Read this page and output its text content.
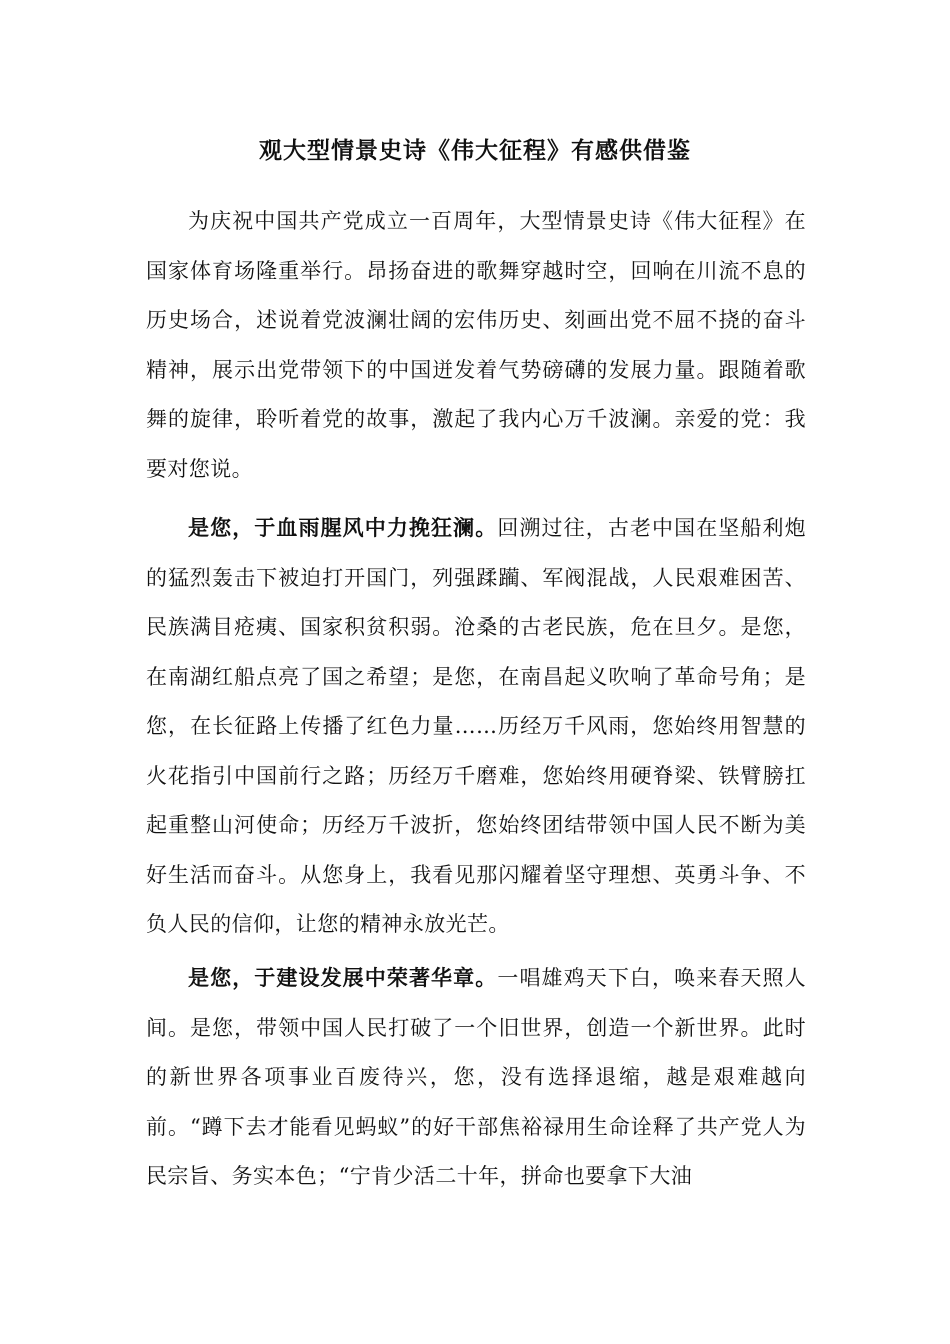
观大型情景史诗《伟大征程》有感供借鉴

为庆祝中国共产党成立一百周年，大型情景史诗《伟大征程》在国家体育场隆重举行。昂扬奋进的歌舞穿越时空，回响在川流不息的历史场合，述说着党波澜壮阔的宏伟历史、刻画出党不屈不挠的奋斗精神，展示出党带领下的中国迸发着气势磅礴的发展力量。跟随着歌舞的旋律，聆听着党的故事，激起了我内心万千波澜。亲爱的党：我要对您说。

是您，于血雨腥风中力挽狂澜。回溯过往，古老中国在坚船利炮的猛烈轰击下被迫打开国门，列强蹂躏、军阀混战，人民艰难困苦、民族满目疮痍、国家积贫积弱。沧桑的古老民族，危在旦夕。是您，在南湖红船点亮了国之希望；是您，在南昌起义吹响了革命号角；是您，在长征路上传播了红色力量……历经万千风雨，您始终用智慧的火花指引中国前行之路；历经万千磨难，您始终用硬脊梁、铁臂膀扛起重整山河使命；历经万千波折，您始终团结带领中国人民不断为美好生活而奋斗。从您身上，我看见那闪耀着坚守理想、英勇斗争、不负人民的信仰，让您的精神永放光芒。

是您，于建设发展中荣著华章。一唱雄鸡天下白，唤来春天照人间。是您，带领中国人民打破了一个旧世界，创造一个新世界。此时的新世界各项事业百废待兴，您，没有选择退缩，越是艰难越向前。“蹲下去才能看见蚂蚁”的好干部焦裕禄用生命诠释了共产党人为民宗旨、务实本色；“宁肯少活二十年，拼命也要拿下大油
